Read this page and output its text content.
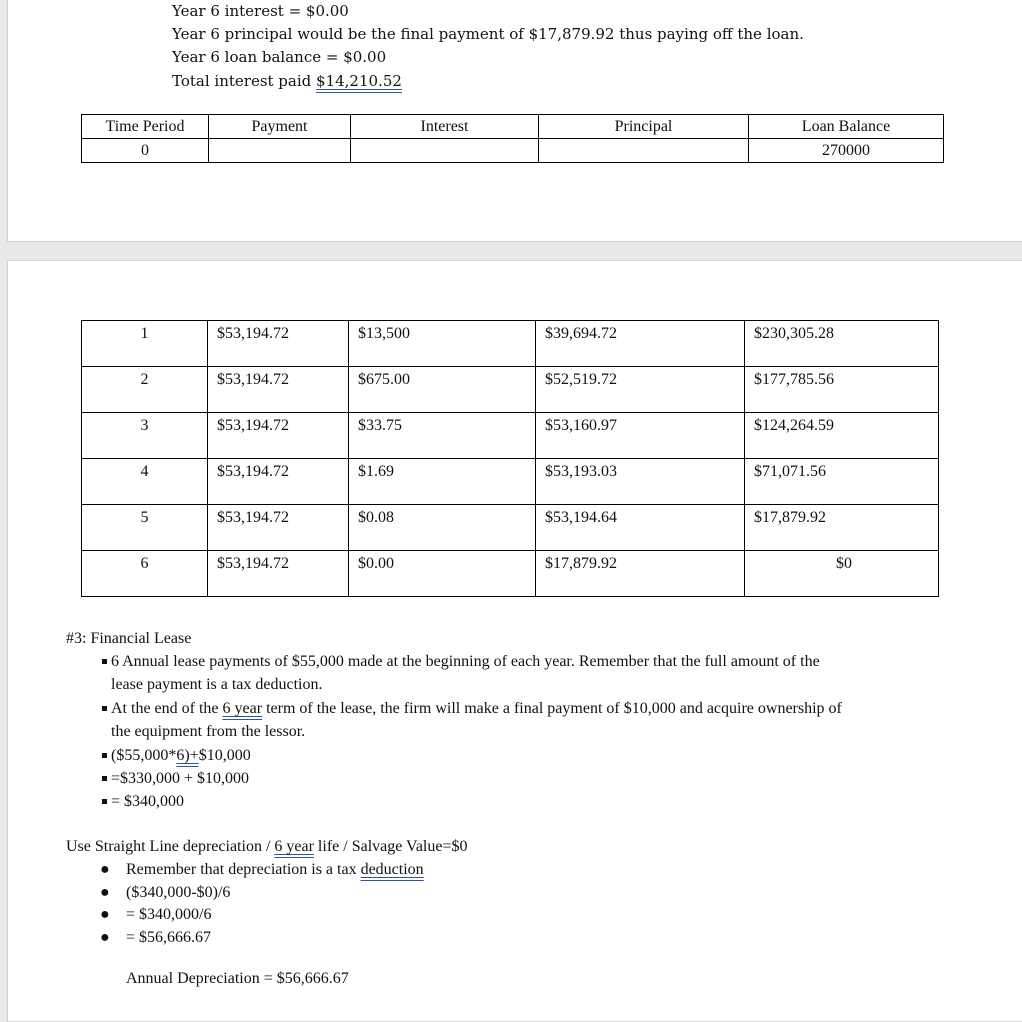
Year 6 interest = $0.00
Year 6 principal would be the final payment of $17,879.92 thus paying off the loan.
Year 6 loan balance = $0.00
Total interest paid $14,210.52
Time Period	Payment	Interest	Principal	Loan Balance
0				270000
1	$53,194.72	$13,500	$39,694.72	$230,305.28
2	$53,194.72	$675.00	$52,519.72	$177,785.56
3	$53,194.72	$33.75	$53,160.97	$124,264.59
4	$53,194.72	$1.69	$53,193.03	$71,071.56
5	$53,194.72	$0.08	$53,194.64	$17,879.92
6	$53,194.72	$0.00	$17,879.92	$0
#3: Financial Lease
6 Annual lease payments of $55,000 made at the beginning of each year. Remember that the full amount of the
lease payment is a tax deduction.
At the end of the 6 year term of the lease, the firm will make a final payment of $10,000 and acquire ownership of
the equipment from the lessor.
($55,000*6)+$10,000
=$330,000 + $10,000
= $340,000
Use Straight Line depreciation / 6 year life / Salvage Value=$0
● Remember that depreciation is a tax deduction
● ($340,000-$0)/6
● = $340,000/6
● = $56,666.67
Annual Depreciation = $56,666.67
